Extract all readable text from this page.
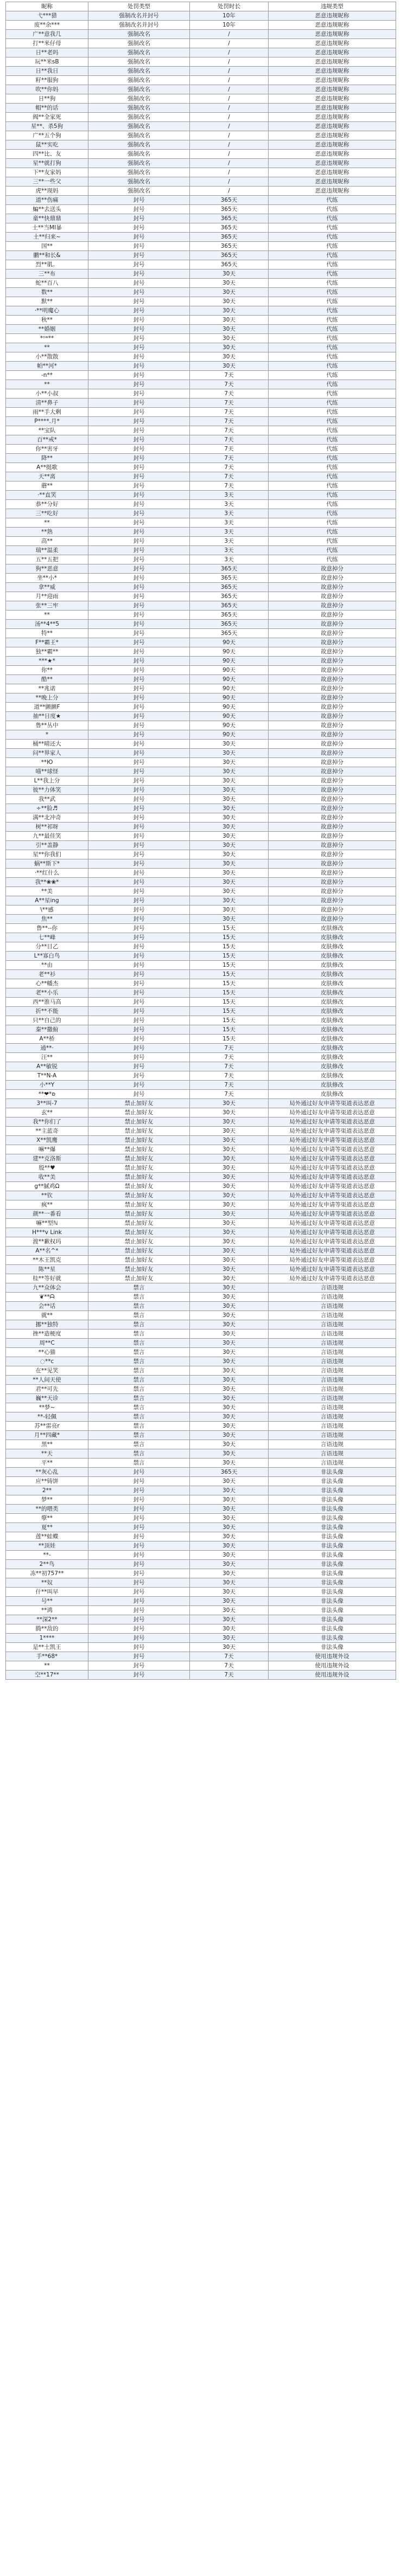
昵称	处罚类型	处罚时长	违规类型
弋***猎	强制改名并封号	10年	恶意违规昵称
废**余***	强制改名并封号	10年	恶意违规昵称
广**意我几	强制改名	/	恶意违规昵称
打**米仔母	强制改名	/	恶意违规昵称
日**老吗	强制改名	/	恶意违规昵称
玩**米sB	强制改名	/	恶意违规昵称
日**我日	强制改名	/	恶意违规昵称
籽**服狗	强制改名	/	恶意违规昵称
吹**你妈	强制改名	/	恶意违规昵称
日**狗	强制改名	/	恶意违规昵称
帽**的话	强制改名	/	恶意违规昵称
阀**全家死	强制改名	/	恶意违规昵称
星**、杀5狗	强制改名	/	恶意违规昵称
广**五个狗	强制改名	/	恶意违规昵称
鼠**实吃	强制改名	/	恶意违规昵称
四**比、友	强制改名	/	恶意违规昵称
星**就打狗	强制改名	/	恶意违规昵称
下**友家妈	强制改名	/	恶意违规昵称
三**一些父	强制改名	/	恶意违规昵称
虎**现妈	强制改名	/	恶意违规昵称
道**伤痛	封号	365天	代练
蝙**去送头	封号	365天	代练
童**快鼎鼎	封号	365天	代练
土**当MI暴	封号	365天	代练
土**归来~	封号	365天	代练
国**	封号	365天	代练
鹏**和长&	封号	365天	代练
烈**肌。	封号	365天	代练
三**布	封号	30天	代练
蛇**百八	封号	30天	代练
数**	封号	30天	代练
默**	封号	30天	代练
·**明魔心	封号	30天	代练
秋**	封号	30天	代练
**婚姻	封号	30天	代练
*ᵒʷ**	封号	30天	代练
**	封号	30天	代练
小**散散	封号	30天	代练
帕**河*	封号	30天	代练
-n**	封号	7天	代练
**	封号	7天	代练
小**小叔	封号	7天	代练
清**鼻子	封号	7天	代练
雨**手大剩	封号	7天	代练
P****.月*	封号	7天	代练
**宝队	封号	7天	代练
百**戒*	封号	7天	代练
你**害牙	封号	7天	代练
降**	封号	7天	代练
A**挺歌	封号	7天	代练
天**离	封号	7天	代练
蘑**	封号	7天	代练
·**直笑	封号	3天	代练
恭**分好	封号	3天	代练
三**吃好	封号	3天	代练
**	封号	3天	代练
**熟	封号	3天	代练
高**	封号	3天	代练
瑞**温柔	封号	3天	代练
五**五把	封号	3天	代练
狗**恶意	封号	365天	故意掉分
坐**小*	封号	365天	故意掉分
拿**威	封号	365天	故意掉分
月**迎雨	封号	365天	故意掉分
张**三牢	封号	365天	故意掉分
**	封号	365天	故意掉分
汤**4**5	封号	365天	故意掉分
特**	封号	365天	故意掉分
F**霸王*	封号	90天	故意掉分
独**霸**	封号	90天	故意掉分
***★*	封号	90天	故意掉分
你**	封号	90天	故意掉分
酷**	封号	90天	故意掉分
**兆诺	封号	90天	故意掉分
**晚上分	封号	90天	故意掉分
道**颤颤F	封号	90天	故意掉分
抽**日度★	封号	90天	故意掉分
鲁**丛中	封号	90天	故意掉分
*	封号	90天	故意掉分
桶**晴还大	封号	30天	故意掉分
问**界家人	封号	30天	故意掉分
**Ю	封号	30天	故意掉分
喵**球怪	封号	30天	故意掉分
L**我上分	封号	30天	故意掉分
彼**力体笑	封号	30天	故意掉分
我**武	封号	30天	故意掉分
÷**脸♬	封号	30天	故意掉分
满**北冲奇	封号	30天	故意掉分
树**祁呀	封号	30天	故意掉分
九**最佳笑	封号	30天	故意掉分
引**盖静	封号	30天	故意掉分
星**你我们	封号	30天	故意掉分
蜗**斯下*	封号	30天	故意掉分
·**红什么	封号	30天	故意掉分
我**❀❀*	封号	30天	故意掉分
**美	封号	30天	故意掉分
A**星ing	封号	30天	故意掉分
\**感	封号	30天	故意掉分
焦**	封号	30天	故意掉分
鲁**--你	封号	15天	皮肤修改
七**峰	封号	15天	皮肤修改
分**目乙	封号	15天	皮肤修改
L**寡白鸟	封号	15天	皮肤修改
**由	封号	15天	皮肤修改
老**衫	封号	15天	皮肤修改
心**幡杰	封号	15天	皮肤修改
老**小乐	封号	15天	皮肤修改
西**淮马高	封号	15天	皮肤修改
折**不能	封号	15天	皮肤修改
只**自己的	封号	15天	皮肤修改
秦**撒俯	封号	15天	皮肤修改
A**桥	封号	15天	皮肤修改
通**·	封号	7天	皮肤修改
汪**	封号	7天	皮肤修改
A**敏锐	封号	7天	皮肤修改
T**N-A	封号	7天	皮肤修改
小**Y	封号	7天	皮肤修改
**❤*ʚ	封号	7天	皮肤修改
3**叫-7	禁止加好友	30天	局外通过好友申请等渠道表达恶意
玄**	禁止加好友	30天	局外通过好友申请等渠道表达恶意
我**你们了	禁止加好友	30天	局外通过好友申请等渠道表达恶意
**主蓝奇	禁止加好友	30天	局外通过好友申请等渠道表达恶意
X**凯鹰	禁止加好友	30天	局外通过好友申请等渠道表达恶意
嘛**爆	禁止加好友	30天	局外通过好友申请等渠道表达恶意
建**克洛斯	禁止加好友	30天	局外通过好友申请等渠道表达恶意
殷**♥	禁止加好友	30天	局外通过好友申请等渠道表达恶意
收**美	禁止加好友	30天	局外通过好友申请等渠道表达恶意
g**腻鸡Ω	禁止加好友	30天	局外通过好友申请等渠道表达恶意
**钦	禁止加好友	30天	局外通过好友申请等渠道表达恶意
疯**	禁止加好友	30天	局外通过好友申请等渠道表达恶意
颜**一番看	禁止加好友	30天	局外通过好友申请等渠道表达恶意
嘛**型ℕ	禁止加好友	30天	局外通过好友申请等渠道表达恶意
H***v Link	禁止加好友	30天	局外通过好友申请等渠道表达恶意
渡**歉权玛	禁止加好友	30天	局外通过好友申请等渠道表达恶意
A**名^*	禁止加好友	30天	局外通过好友申请等渠道表达恶意
**木王凯克	禁止加好友	30天	局外通过好友申请等渠道表达恶意
陈**星	禁止加好友	30天	局外通过好友申请等渠道表达恶意
桂**等好就	禁止加好友	30天	局外通过好友申请等渠道表达恶意
九**众体会	禁言	30天	言语违规
❦**ᗩ	禁言	30天	言语违规
会**话	禁言	30天	言语违规
就**	禁言	30天	言语违规
挪**独特	禁言	30天	言语违规
挫**造梗度	禁言	30天	言语违规
周**C	禁言	30天	言语违规
**心猫	禁言	30天	言语违规
◌**c	禁言	30天	言语违规
在**见笑	禁言	30天	言语违规
**人间天使	禁言	30天	言语违规
君**可先	禁言	30天	言语违规
巍**天诊	禁言	30天	言语违规
**梦~	禁言	30天	言语违规
**-轻佩	禁言	30天	言语违规
苏**雷亮r	禁言	30天	言语违规
月**四藏*	禁言	30天	言语违规
黑**	禁言	30天	言语违规
**天	禁言	30天	言语违规
平**	禁言	30天	言语违规
**灰心乱	封号	365天	非法头像
应**铸饼	封号	30天	非法头像
2**	封号	30天	非法头像
梦**	封号	30天	非法头像
**的喂类	封号	30天	非法头像
孽**	封号	30天	非法头像
夏**	封号	30天	非法头像
莲**蛙蝶	封号	30天	非法头像
**顶娃	封号	30天	非法头像
**-	封号	30天	非法头像
2**鸟	封号	30天	非法头像
冻**初757**	封号	30天	非法头像
**奴	封号	30天	非法头像
什**叫早	封号	30天	非法头像
号**	封号	30天	非法头像
**鸿	封号	30天	非法头像
**深2**	封号	30天	非法头像
腾**敌的	封号	30天	非法头像
1****	封号	30天	非法头像
是**土凯王	封号	30天	非法头像
手**68*	封号	7天	使用违规外设
**	封号	7天	使用违规外设
空**17**	封号	7天	使用违规外设
